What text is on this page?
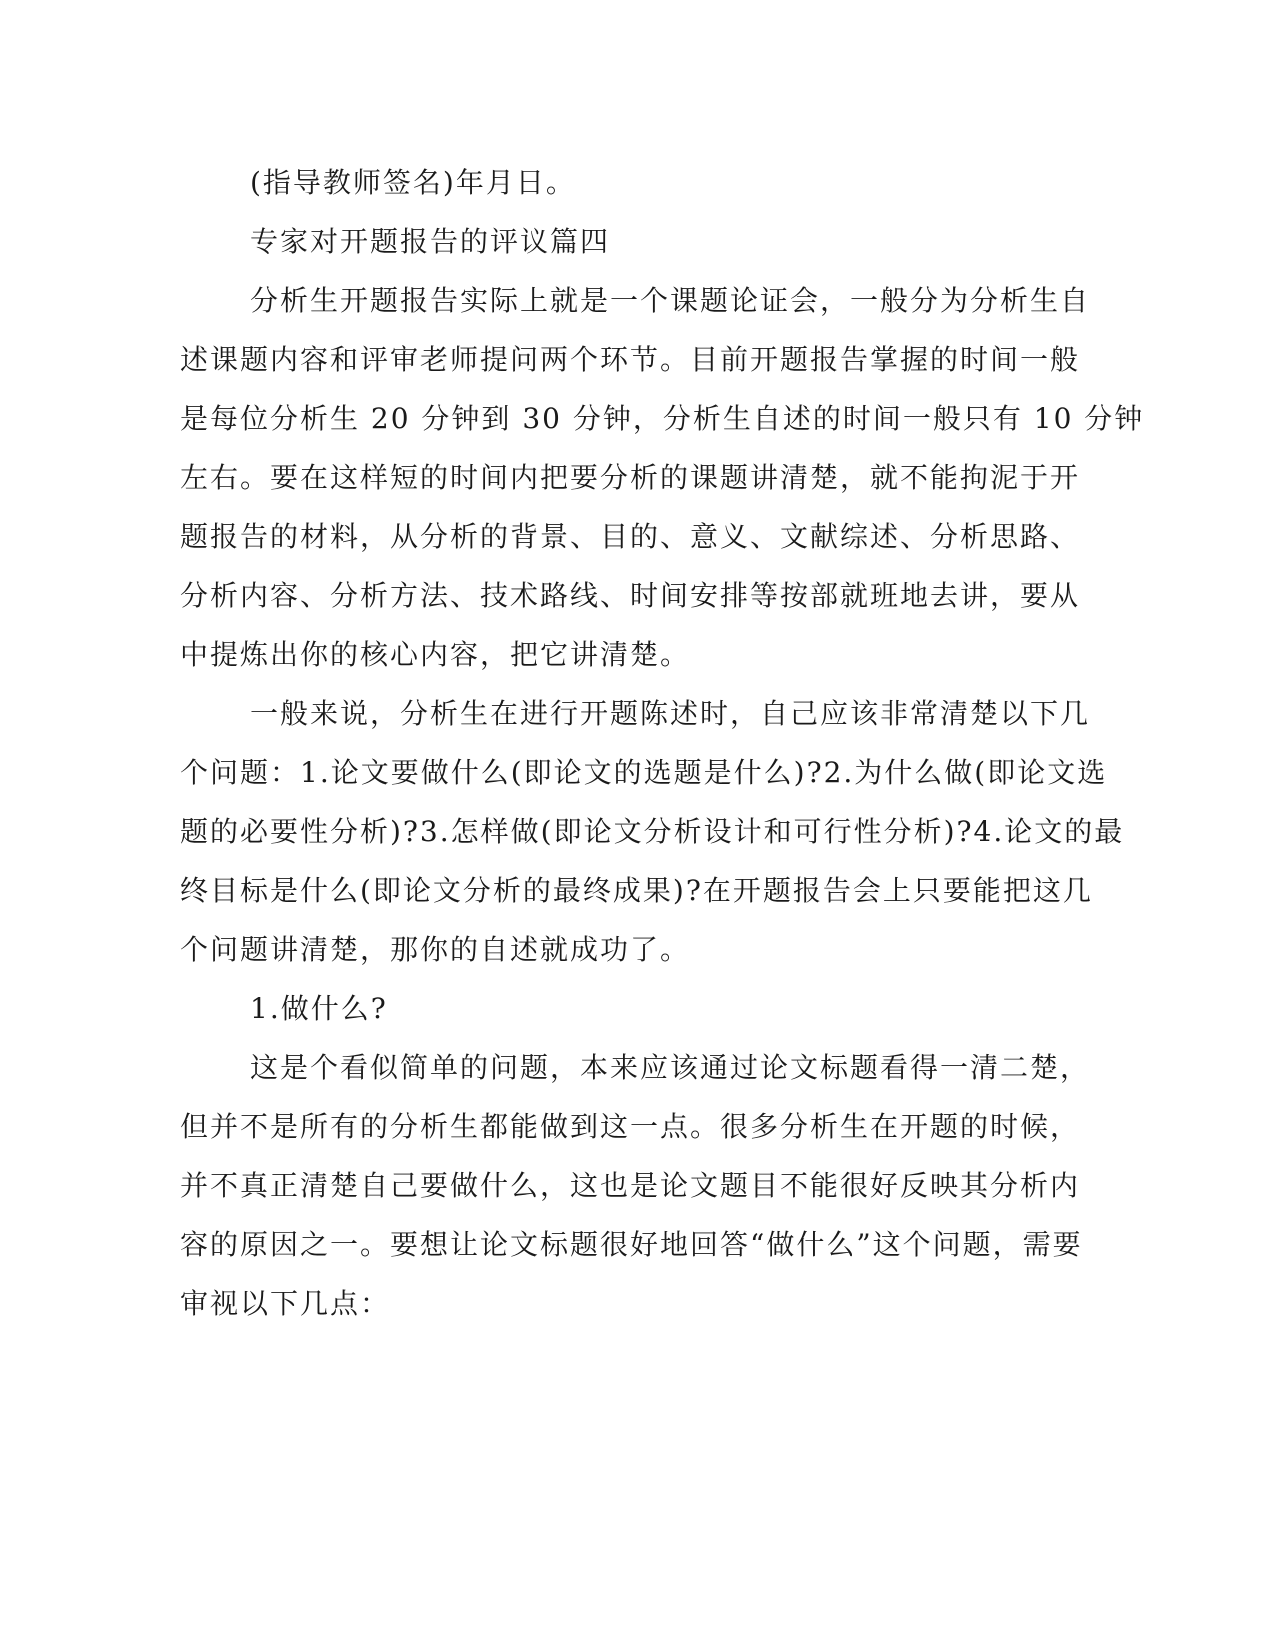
(指导教师签名)年月日。
专家对开题报告的评议篇四
分析生开题报告实际上就是一个课题论证会，一般分为分析生自
述课题内容和评审老师提问两个环节。目前开题报告掌握的时间一般
是每位分析生 20 分钟到 30 分钟，分析生自述的时间一般只有 10 分钟
左右。要在这样短的时间内把要分析的课题讲清楚，就不能拘泥于开
题报告的材料，从分析的背景、目的、意义、文献综述、分析思路、
分析内容、分析方法、技术路线、时间安排等按部就班地去讲，要从
中提炼出你的核心内容，把它讲清楚。
一般来说，分析生在进行开题陈述时，自己应该非常清楚以下几
个问题：1.论文要做什么(即论文的选题是什么)?2.为什么做(即论文选
题的必要性分析)?3.怎样做(即论文分析设计和可行性分析)?4.论文的最
终目标是什么(即论文分析的最终成果)?在开题报告会上只要能把这几
个问题讲清楚，那你的自述就成功了。
1.做什么?
这是个看似简单的问题，本来应该通过论文标题看得一清二楚，
但并不是所有的分析生都能做到这一点。很多分析生在开题的时候，
并不真正清楚自己要做什么，这也是论文题目不能很好反映其分析内
容的原因之一。要想让论文标题很好地回答“做什么”这个问题，需要
审视以下几点：
